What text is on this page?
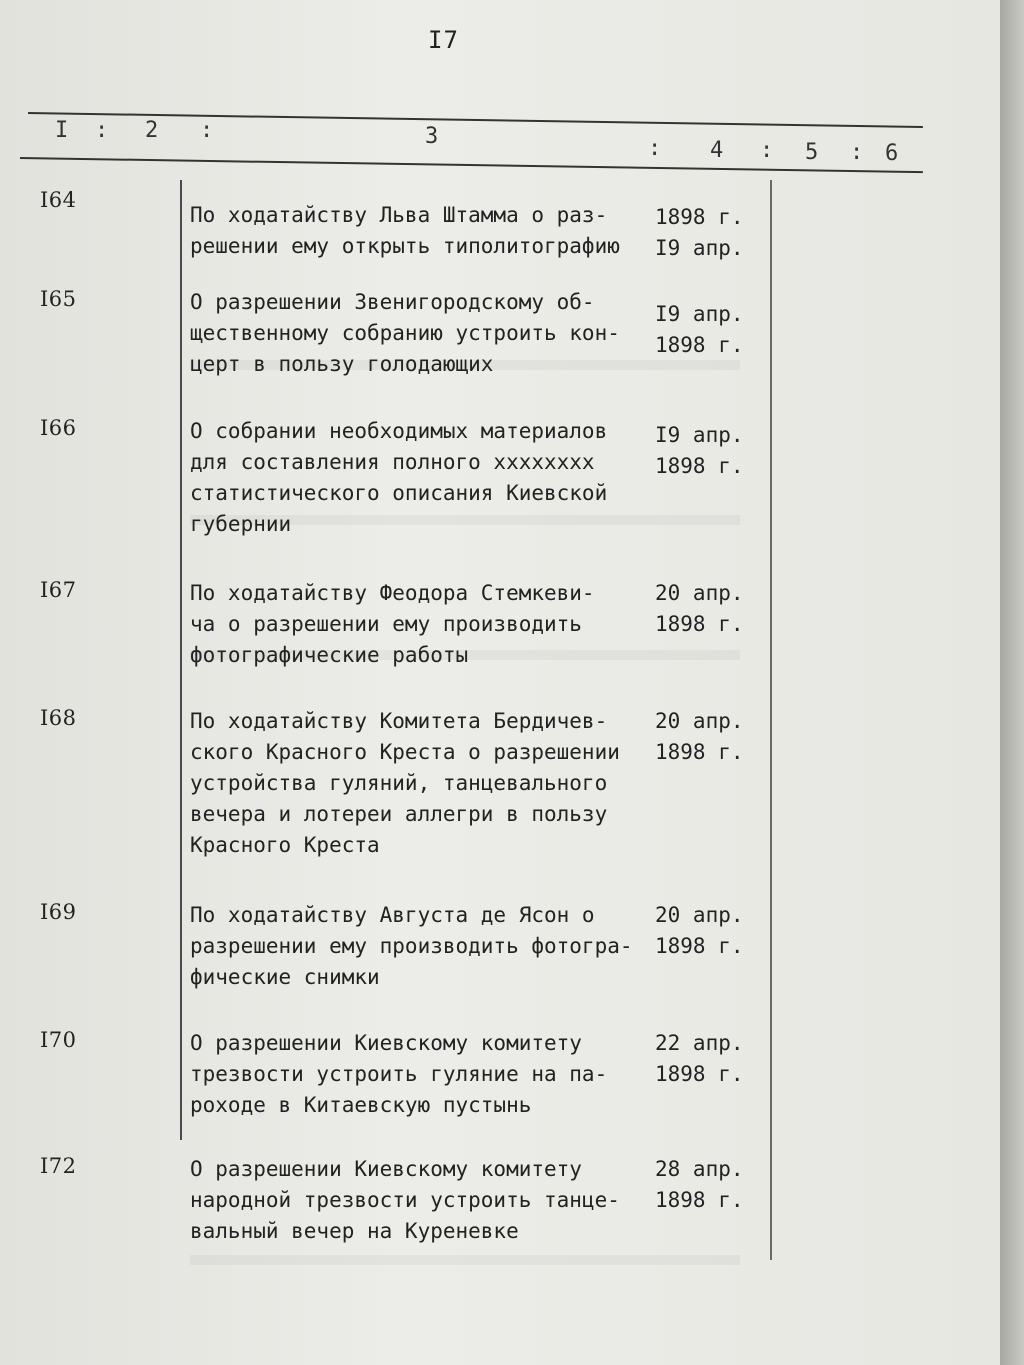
I7
I : 2 :	3	: 4 : 5 : 6
I64
По ходатайству Льва Штамма о раз-
решении ему открыть типолитографию
1898 г.
I9 апр.
I65	О разрешении Звенигородскому об-
щественному собранию устроить кон-
церт в пользу голодающих
I9 апр.
1898 г.
I66	О собрании необходимых материалов
для составления полного xxxxxxxx
статистического описания Киевской
губернии
I9 апр.
1898 г.
I67	По ходатайству Феодора Стемкеви-
ча о разрешении ему производить
фотографические работы
20 апр.
1898 г.
I68	По ходатайству Комитета Бердичев-
ского Красного Креста о разрешении
устройства гуляний, танцевального
вечера и лотереи аллегри в пользу
Красного Креста
20 апр.
1898 г.
I69	По ходатайству Августа де Ясон о
разрешении ему производить фотогра-
фические снимки
20 апр.
1898 г.
I70	О разрешении Киевскому комитету
трезвости устроить гуляние на па-
роходе в Китаевскую пустынь
22 апр.
1898 г.
I72	О разрешении Киевскому комитету
народной трезвости устроить танце-
вальный вечер на Куреневке
28 апр.
1898 г.
